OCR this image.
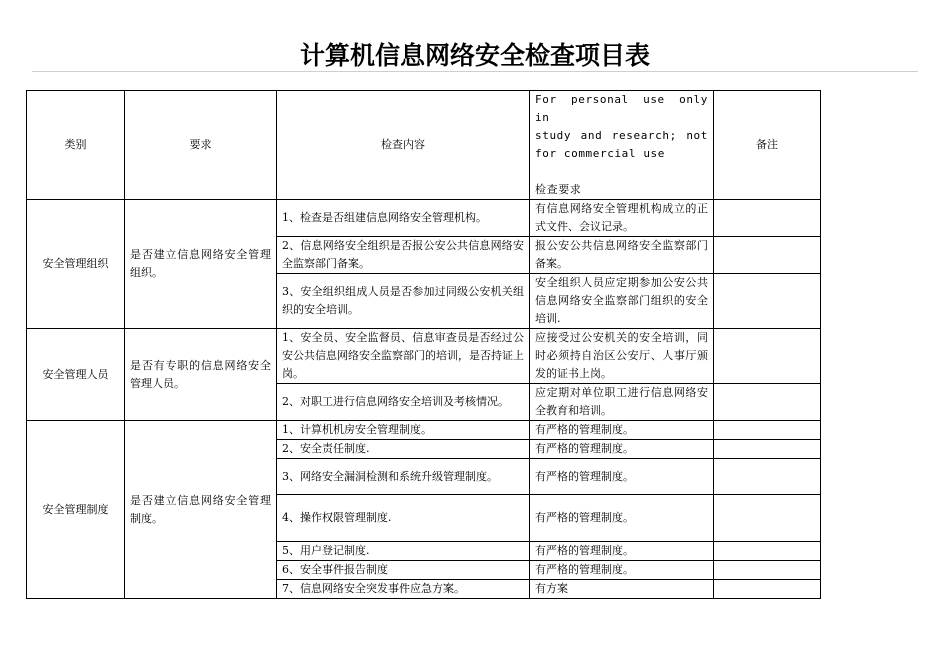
计算机信息网络安全检查项目表
类别	要求	检查内容	For personal use only in
study and research; not
for commercial use
检查要求	备注
安全管理组织	是否建立信息网络安全管理组织。	1、检查是否组建信息网络安全管理机构。	有信息网络安全管理机构成立的正式文件、会议记录。	
		2、信息网络安全组织是否报公安公共信息网络安全监察部门备案。	报公安公共信息网络安全监察部门备案。	
		3、安全组织组成人员是否参加过同级公安机关组织的安全培训。	安全组织人员应定期参加公安公共信息网络安全监察部门组织的安全培训.	
安全管理人员	是否有专职的信息网络安全管理人员。	1、安全员、安全监督员、信息审查员是否经过公安公共信息网络安全监察部门的培训，是否持证上岗。	应接受过公安机关的安全培训，同时必须持自治区公安厅、人事厅颁发的证书上岗。	
		2、对职工进行信息网络安全培训及考核情况。	应定期对单位职工进行信息网络安全教育和培训。	
安全管理制度	是否建立信息网络安全管理制度。	1、计算机机房安全管理制度。	有严格的管理制度。	
		2、安全责任制度.	有严格的管理制度。	
		3、网络安全漏洞检测和系统升级管理制度。	有严格的管理制度。	
		4、操作权限管理制度.	有严格的管理制度。	
		5、用户登记制度.	有严格的管理制度。	
		6、安全事件报告制度	有严格的管理制度。	
		7、信息网络安全突发事件应急方案。	有方案	
